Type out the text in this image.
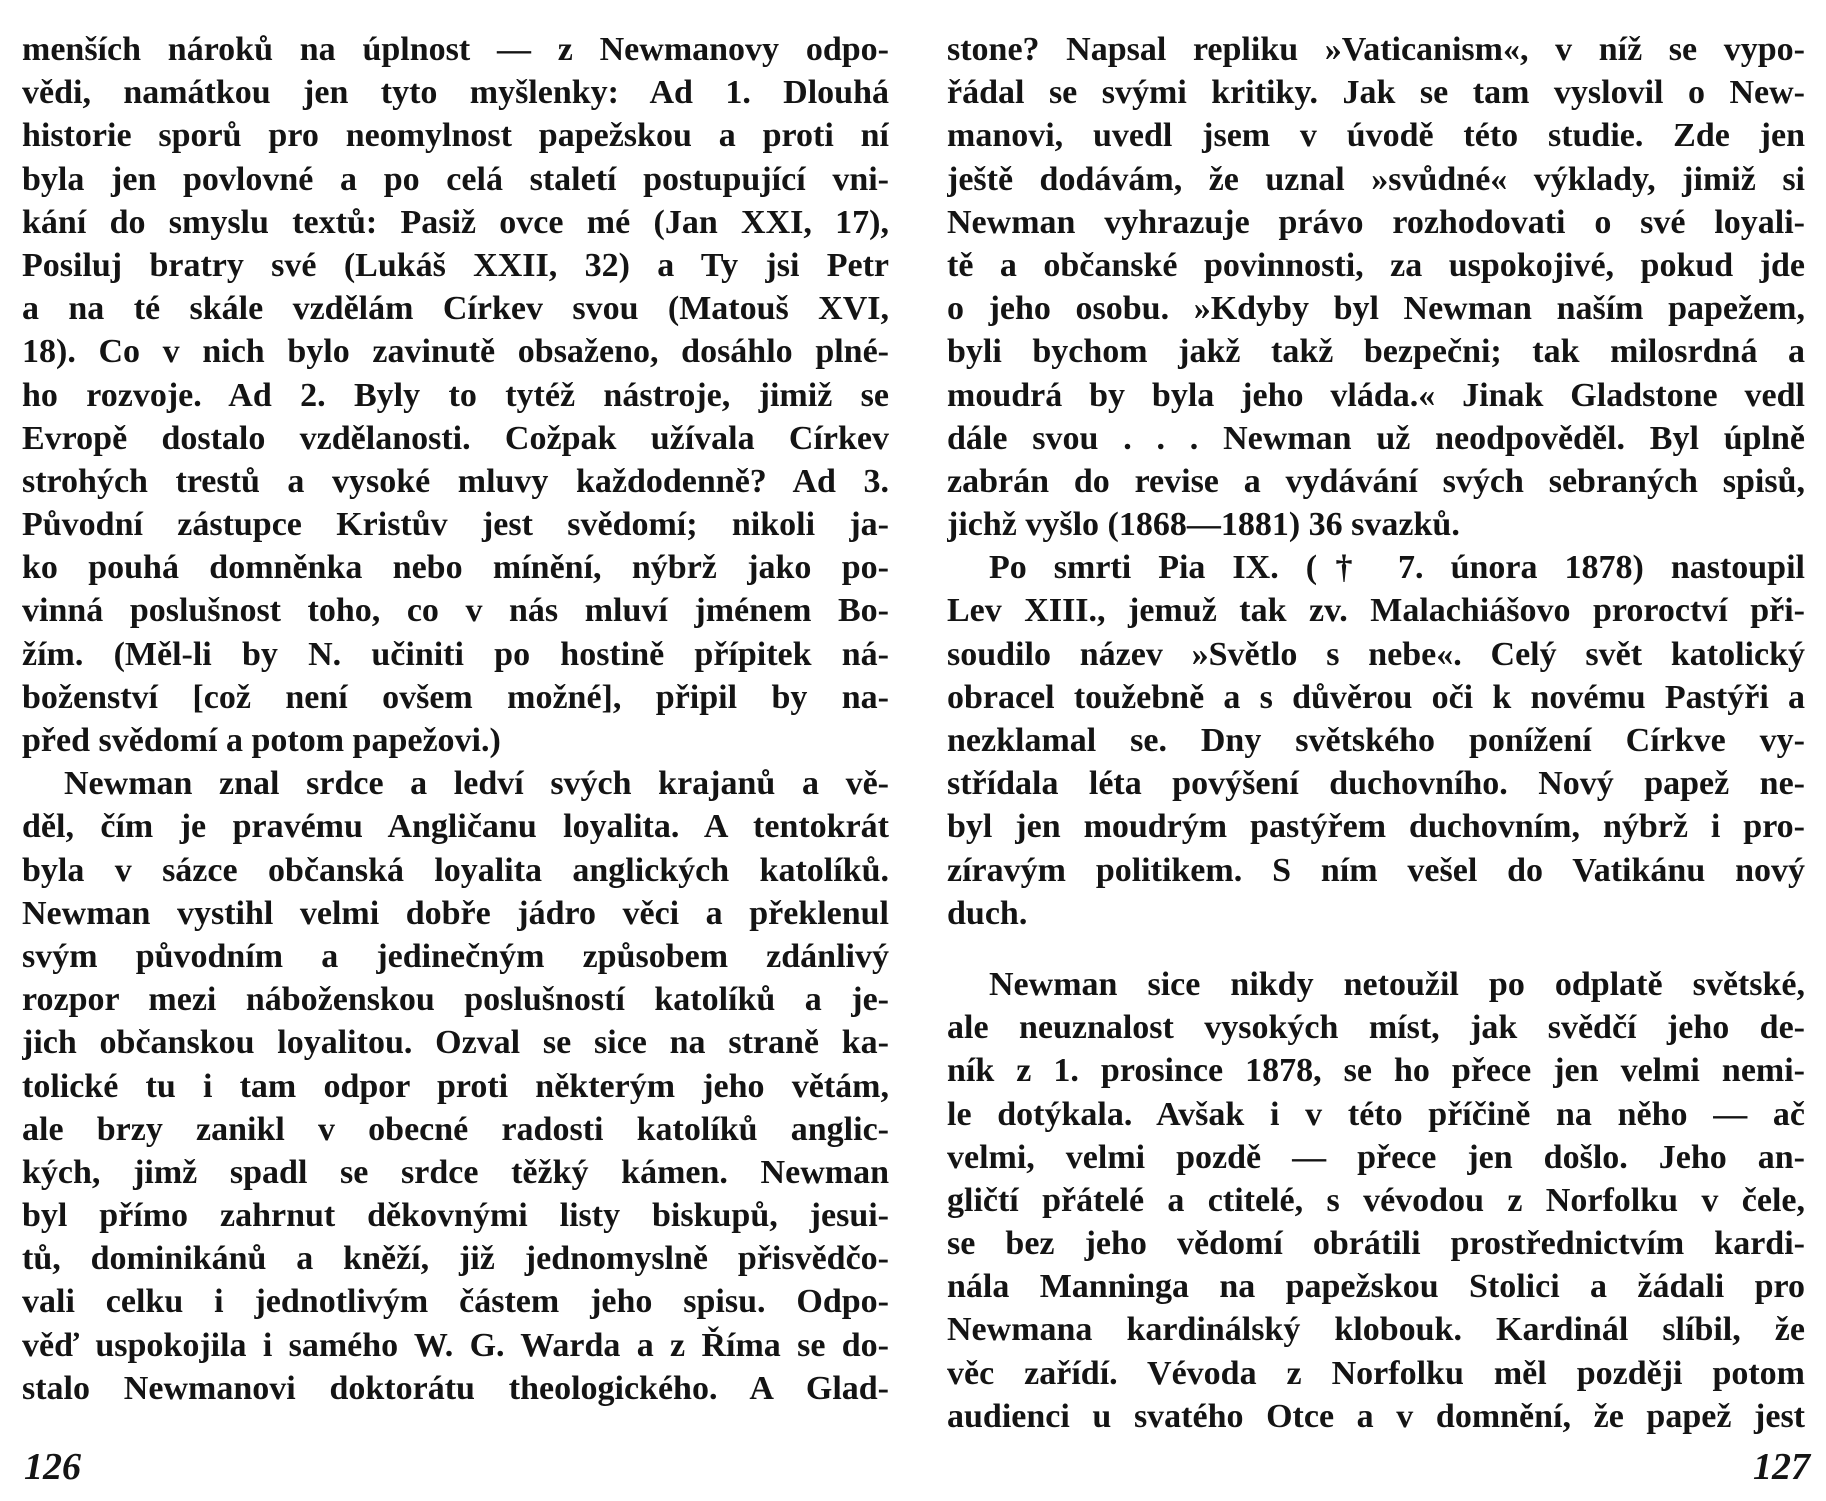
menších nároků na úplnost — z Newmanovy odpo-
vědi, namátkou jen tyto myšlenky: Ad 1. Dlouhá
historie sporů pro neomylnost papežskou a proti ní
byla jen povlovné a po celá staletí postupující vni-
kání do smyslu textů: Pasiž ovce mé (Jan XXI, 17),
Posiluj bratry své (Lukáš XXII, 32) a Ty jsi Petr
a na té skále vzdělám Církev svou (Matouš XVI,
18). Co v nich bylo zavinutě obsaženo, dosáhlo plné-
ho rozvoje. Ad 2. Byly to tytéž nástroje, jimiž se
Evropě dostalo vzdělanosti. Cožpak užívala Církev
strohých trestů a vysoké mluvy každodenně? Ad 3.
Původní zástupce Kristův jest svědomí; nikoli ja-
ko pouhá domněnka nebo mínění, nýbrž jako po-
vinná poslušnost toho, co v nás mluví jménem Bo-
žím. (Měl-li by N. učiniti po hostině přípitek ná-
boženství [což není ovšem možné], připil by na-
před svědomí a potom papežovi.)
Newman znal srdce a ledví svých krajanů a vě-
děl, čím je pravému Angličanu loyalita. A tentokrát
byla v sázce občanská loyalita anglických katolíků.
Newman vystihl velmi dobře jádro věci a překlenul
svým původním a jedinečným způsobem zdánlivý
rozpor mezi náboženskou poslušností katolíků a je-
jich občanskou loyalitou. Ozval se sice na straně ka-
tolické tu i tam odpor proti některým jeho větám,
ale brzy zanikl v obecné radosti katolíků anglic-
kých, jimž spadl se srdce těžký kámen. Newman
byl přímo zahrnut děkovnými listy biskupů, jesui-
tů, dominikánů a kněží, již jednomyslně přisvědčo-
vali celku i jednotlivým částem jeho spisu. Odpo-
věď uspokojila i samého W. G. Warda a z Říma se do-
stalo Newmanovi doktorátu theologického. A Glad-
stone? Napsal repliku »Vaticanism«, v níž se vypo-
řádal se svými kritiky. Jak se tam vyslovil o New-
manovi, uvedl jsem v úvodě této studie. Zde jen
ještě dodávám, že uznal »svůdné« výklady, jimiž si
Newman vyhrazuje právo rozhodovati o své loyali-
tě a občanské povinnosti, za uspokojivé, pokud jde
o jeho osobu. »Kdyby byl Newman naším papežem,
byli bychom jakž takž bezpečni; tak milosrdná a
moudrá by byla jeho vláda.« Jinak Gladstone vedl
dále svou . . . Newman už neodpověděl. Byl úplně
zabrán do revise a vydávání svých sebraných spisů,
jichž vyšlo (1868—1881) 36 svazků.
Po smrti Pia IX. († 7. února 1878) nastoupil
Lev XIII., jemuž tak zv. Malachiášovo proroctví při-
soudilo název »Světlo s nebe«. Celý svět katolický
obracel toužebně a s důvěrou oči k novému Pastýři a
nezklamal se. Dny světského ponížení Církve vy-
střídala léta povýšení duchovního. Nový papež ne-
byl jen moudrým pastýřem duchovním, nýbrž i pro-
zíravým politikem. S ním vešel do Vatikánu nový
duch.
Newman sice nikdy netoužil po odplatě světské,
ale neuznalost vysokých míst, jak svědčí jeho de-
ník z 1. prosince 1878, se ho přece jen velmi nemi-
le dotýkala. Avšak i v této příčině na něho — ač
velmi, velmi pozdě — přece jen došlo. Jeho an-
gličtí přátelé a ctitelé, s vévodou z Norfolku v čele,
se bez jeho vědomí obrátili prostřednictvím kardi-
nála Manninga na papežskou Stolici a žádali pro
Newmana kardinálský klobouk. Kardinál slíbil, že
věc zařídí. Vévoda z Norfolku měl později potom
audienci u svatého Otce a v domnění, že papež jest
126	127
